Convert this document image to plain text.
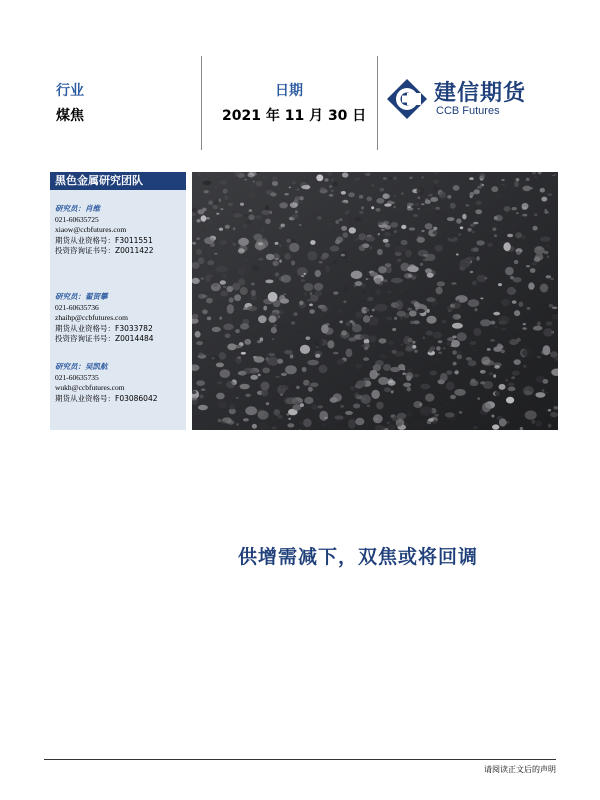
行业
煤焦
日期
2021 年 11 月 30 日
建信期货
CCB Futures
黑色金属研究团队
研究员：肖维
021-60635725
xiaow@ccbfutures.com
期货从业资格号：F3011551
投资咨询证书号：Z0011422
研究员：翟贺攀
021-60635736
zhaihp@ccbfutures.com
期货从业资格号：F3033782
投资咨询证书号：Z0014484
研究员：吴凯航
021-60635735
wukh@ccbfutures.com
期货从业资格号：F03086042
供增需减下，双焦或将回调
请阅读正文后的声明
